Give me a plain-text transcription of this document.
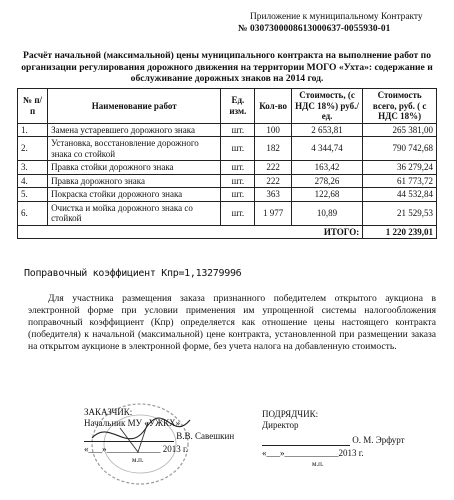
Приложение к муниципальному Контракту
№ 0307300008613000637-0055930-01
Расчёт начальной (максимальной) цены муниципального контракта на выполнение работ по организации регулирования дорожного движения на территории МОГО «Ухта»: содержание и обслуживание дорожных знаков на 2014 год.
№ п/п	Наименование работ	Ед. изм.	Кол-во	Стоимость, (с НДС 18%) руб./ед.	Стоимость всего, руб. ( с НДС 18%)
1.	Замена устаревшего дорожного знака	шт.	100	2 653,81	265 381,00
2.	Установка, восстановление дорожного знака со стойкой	шт.	182	4 344,74	790 742,68
3.	Правка стойки дорожного знака	шт.	222	163,42	36 279,24
4.	Правка дорожного знака	шт.	222	278,26	61 773,72
5.	Покраска стойки дорожного знака	шт.	363	122,68	44 532,84
6.	Очистка и мойка дорожного знака со стойкой	шт.	1 977	10,89	21 529,53
ИТОГО:					1 220 239,01
Поправочный коэффициент Кпр=1,13279996
Для участника размещения заказа признанного победителем открытого аукциона в электронной форме при условии применения им упрощенной системы налогообложения поправочный коэффициент (Кпр) определяется как отношение цены настоящего контракта (победителя) к начальной (максимальной) цене контракта, установленной при размещении заказа на открытом аукционе в электронной форме, без учета налога на добавленную стоимость.
ЗАКАЗЧИК:
Начальник МУ «УЖКХ»
В.В. Савешкин
«___»____________ 2013 г.
м.п.
ПОДРЯДЧИК:
Директор
О. М. Эрфурт
«___»____________2013 г.
м.п.
